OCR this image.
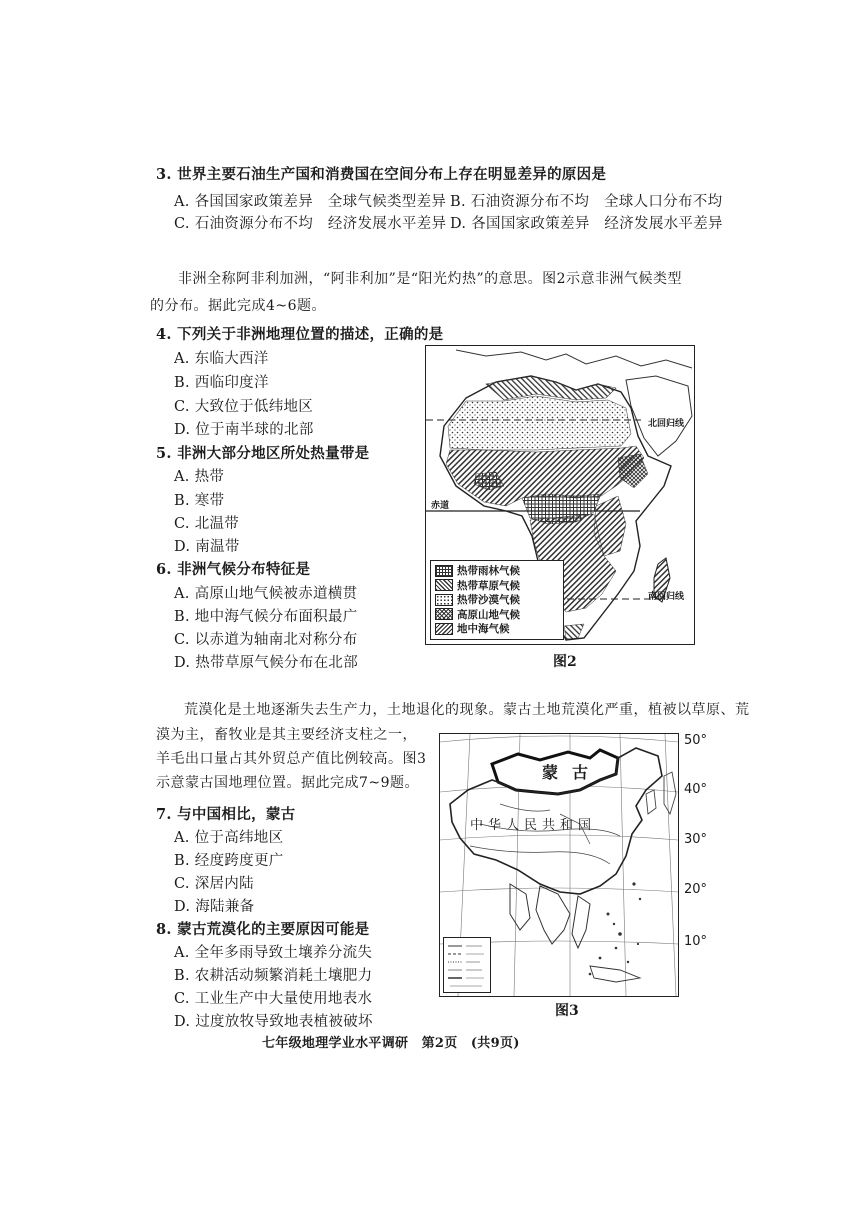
3. 世界主要石油生产国和消费国在空间分布上存在明显差异的原因是
A. 各国国家政策差异　全球气候类型差异 B. 石油资源分布不均　全球人口分布不均
C. 石油资源分布不均　经济发展水平差异 D. 各国国家政策差异　经济发展水平差异
非洲全称阿非利加洲，“阿非利加”是“阳光灼热”的意思。图2示意非洲气候类型的分布。据此完成4~6题。
4. 下列关于非洲地理位置的描述，正确的是
A. 东临大西洋
B. 西临印度洋
C. 大致位于低纬地区
D. 位于南半球的北部
5. 非洲大部分地区所处热量带是
A. 热带
B. 寒带
C. 北温带
D. 南温带
6. 非洲气候分布特征是
A. 高原山地气候被赤道横贯
B. 地中海气候分布面积最广
C. 以赤道为轴南北对称分布
D. 热带草原气候分布在北部
北回归线
赤道
南回归线
热带雨林气候
热带草原气候
热带沙漠气候
高原山地气候
地中海气候
图2
荒漠化是土地逐渐失去生产力，土地退化的现象。蒙古土地荒漠化严重，植被以草原、荒
漠为主，畜牧业是其主要经济支柱之一，
羊毛出口量占其外贸总产值比例较高。图3
示意蒙古国地理位置。据此完成7~9题。
7. 与中国相比，蒙古
A. 位于高纬地区
B. 经度跨度更广
C. 深居内陆
D. 海陆兼备
8. 蒙古荒漠化的主要原因可能是
A. 全年多雨导致土壤养分流失
B. 农耕活动频繁消耗土壤肥力
C. 工业生产中大量使用地表水
D. 过度放牧导致地表植被破坏
蒙古
中华人民共和国
50°
40°
30°
20°
10°
图3
七年级地理学业水平调研　第2页　(共9页)
